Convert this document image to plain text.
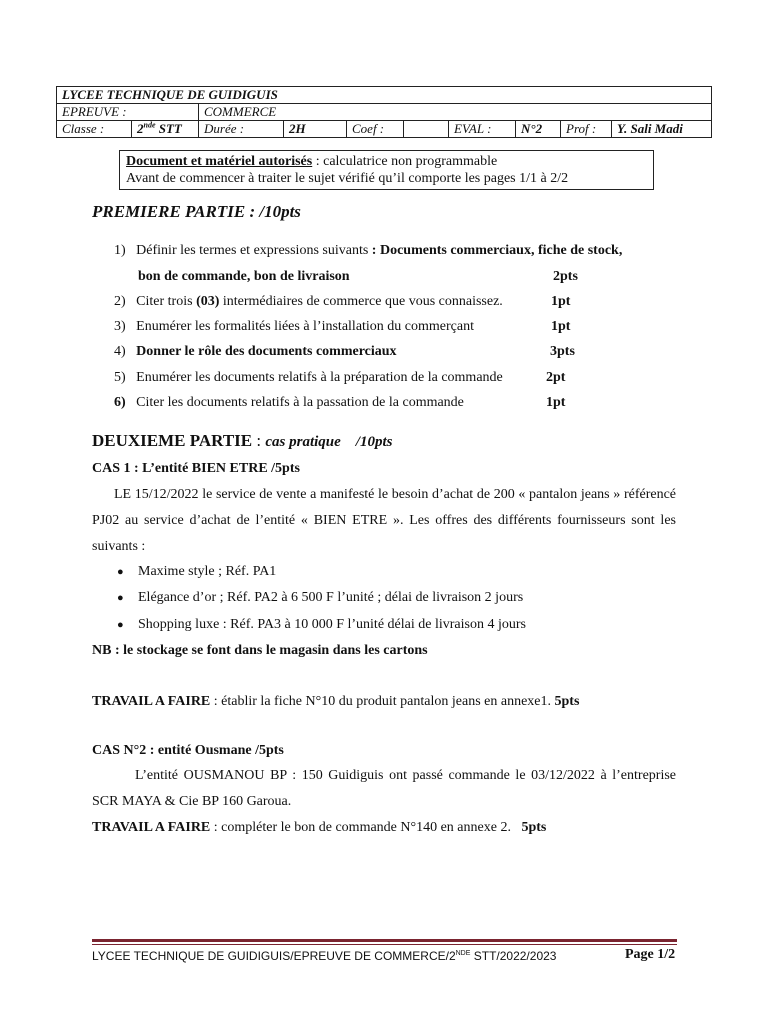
LYCEE TECHNIQUE DE GUIDIGUIS									
EPREUVE :		COMMERCE							
Classe :	2nde STT	Durée :	2H	Coef :		EVAL :	N°2	Prof :	Y. Sali Madi
Document et matériel autorisés : calculatrice non programmable
Avant de commencer à traiter le sujet vérifié qu’il comporte les pages 1/1 à 2/2
PREMIERE PARTIE : /10pts
1) Définir les termes et expressions suivants : Documents commerciaux, fiche de stock,
bon de commande, bon de livraison	2pts
2) Citer trois (03) intermédiaires de commerce que vous connaissez.	1pt
3) Enumérer les formalités liées à l’installation du commerçant	1pt
4) Donner le rôle des documents commerciaux	3pts
5) Enumérer les documents relatifs à la préparation de la commande	2pt
6) Citer les documents relatifs à la passation de la commande	1pt
DEUXIEME PARTIE : cas pratique    /10pts
CAS 1 : L’entité BIEN ETRE /5pts
LE 15/12/2022 le service de vente a manifesté le besoin d’achat de 200 « pantalon jeans » référencé PJ02 au service d’achat de l’entité « BIEN ETRE ». Les offres des différents fournisseurs sont les suivants :
● Maxime style ; Réf. PA1
● Elégance d’or ; Réf. PA2 à 6 500 F l’unité ; délai de livraison 2 jours
● Shopping luxe : Réf. PA3 à 10 000 F l’unité délai de livraison 4 jours
NB : le stockage se font dans le magasin dans les cartons
TRAVAIL A FAIRE : établir la fiche N°10 du produit pantalon jeans en annexe1. 5pts
CAS N°2 : entité Ousmane /5pts
L’entité OUSMANOU BP : 150 Guidiguis ont passé commande le 03/12/2022 à l’entreprise SCR MAYA & Cie BP 160 Garoua.
TRAVAIL A FAIRE : compléter le bon de commande N°140 en annexe 2.   5pts
LYCEE TECHNIQUE DE GUIDIGUIS/EPREUVE DE COMMERCE/2NDE STT/2022/2023	Page 1/2
